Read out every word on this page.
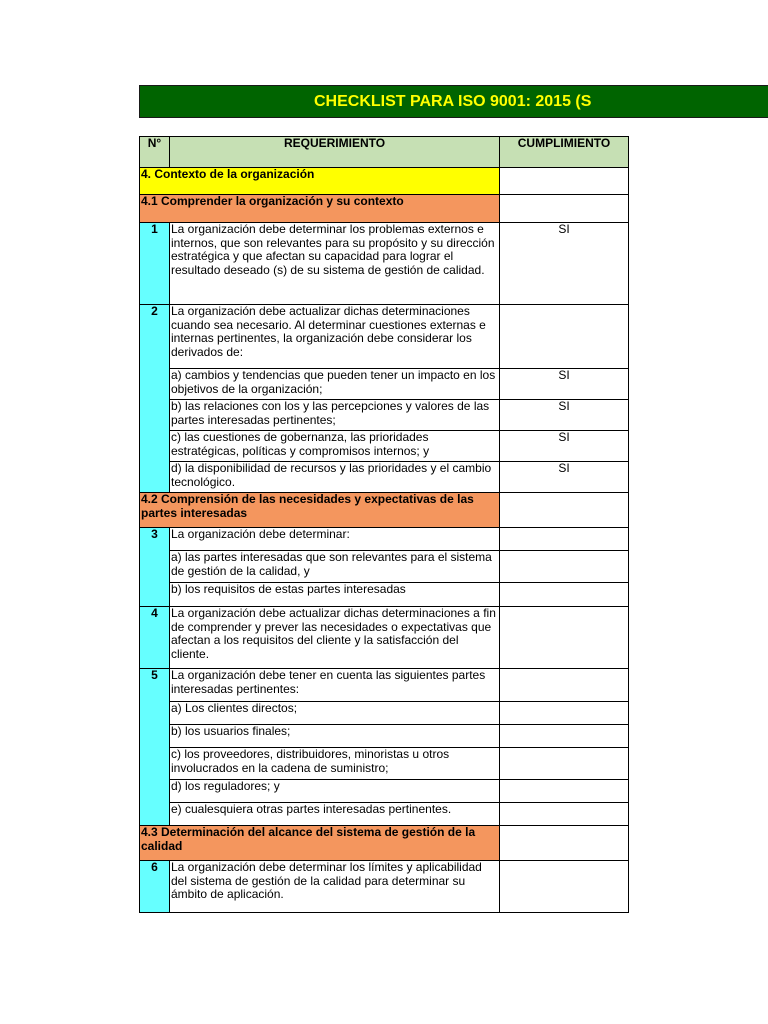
CHECKLIST PARA ISO 9001: 2015 (S
N°	REQUERIMIENTO	CUMPLIMIENTO
4. Contexto de la organización		
4.1 Comprender la organización y su contexto		
1	La organización debe determinar los problemas externos e internos, que son relevantes para su propósito y su dirección estratégica y que afectan su capacidad para lograr el resultado deseado (s) de su sistema de gestión de calidad.	SI
2	La organización debe actualizar dichas determinaciones cuando sea necesario. Al determinar cuestiones externas e internas pertinentes, la organización debe considerar los derivados de:	
	a) cambios y tendencias que pueden tener un impacto en los objetivos de la organización;	SI
	b) las relaciones con los y las percepciones y valores de las partes interesadas pertinentes;	SI
	c) las cuestiones de gobernanza, las prioridades estratégicas, políticas y compromisos internos; y	SI
	d) la disponibilidad de recursos y las prioridades y el cambio tecnológico.	SI
4.2 Comprensión de las necesidades y expectativas de las partes interesadas		
3	La organización debe determinar:	
	a) las partes interesadas que son relevantes para el sistema de gestión de la calidad, y	
	b) los requisitos de estas partes interesadas	
4	La organización debe actualizar dichas determinaciones a fin de comprender y prever las necesidades o expectativas que afectan a los requisitos del cliente y la satisfacción del cliente.	
5	La organización debe tener en cuenta las siguientes partes interesadas pertinentes:	
	a) Los clientes directos;	
	b) los usuarios finales;	
	c) los proveedores, distribuidores, minoristas u otros involucrados en la cadena de suministro;	
	d) los reguladores; y	
	e) cualesquiera otras partes interesadas pertinentes.	
4.3 Determinación del alcance del sistema de gestión de la calidad		
6	La organización debe determinar los límites y aplicabilidad del sistema de gestión de la calidad para determinar su ámbito de aplicación.	
